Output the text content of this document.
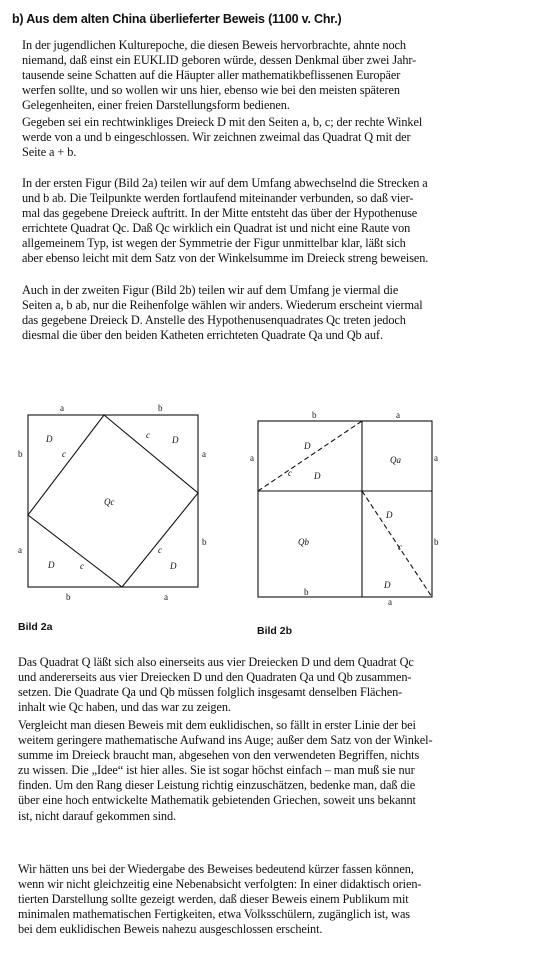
b) Aus dem alten China überlieferter Beweis (1100 v. Chr.)
In der jugendlichen Kulturepoche, die diesen Beweis hervorbrachte, ahnte noch
niemand, daß einst ein EUKLID geboren würde, dessen Denkmal über zwei Jahr-
tausende seine Schatten auf die Häupter aller mathematikbeflissenen Europäer
werfen sollte, und so wollen wir uns hier, ebenso wie bei den meisten späteren
Gelegenheiten, einer freien Darstellungsform bedienen.
Gegeben sei ein rechtwinkliges Dreieck D mit den Seiten a, b, c; der rechte Winkel
werde von a und b eingeschlossen. Wir zeichnen zweimal das Quadrat Q mit der
Seite a + b.
In der ersten Figur (Bild 2a) teilen wir auf dem Umfang abwechselnd die Strecken a
und b ab. Die Teilpunkte werden fortlaufend miteinander verbunden, so daß vier-
mal das gegebene Dreieck auftritt. In der Mitte entsteht das über der Hypothenuse
errichtete Quadrat Qc. Daß Qc wirklich ein Quadrat ist und nicht eine Raute von
allgemeinem Typ, ist wegen der Symmetrie der Figur unmittelbar klar, läßt sich
aber ebenso leicht mit dem Satz von der Winkelsumme im Dreieck streng beweisen.
Auch in der zweiten Figur (Bild 2b) teilen wir auf dem Umfang je viermal die
Seiten a, b ab, nur die Reihenfolge wählen wir anders. Wiederum erscheint viermal
das gegebene Dreieck D. Anstelle des Hypothenusenquadrates Qc treten jedoch
diesmal die über den beiden Katheten errichteten Quadrate Qa und Qb auf.
a	b
b	a
a
b
b	a
D	D
D	D
c
c
c
c
Qc
Bild 2a
b	a
a	a
b
b
a
D
D
D
D
c
c
Qa
Qb
Bild 2b
Das Quadrat Q läßt sich also einerseits aus vier Dreiecken D und dem Quadrat Qc
und andererseits aus vier Dreiecken D und den Quadraten Qa und Qb zusammen-
setzen. Die Quadrate Qa und Qb müssen folglich insgesamt denselben Flächen-
inhalt wie Qc haben, und das war zu zeigen.
Vergleicht man diesen Beweis mit dem euklidischen, so fällt in erster Linie der bei
weitem geringere mathematische Aufwand ins Auge; außer dem Satz von der Winkel-
summe im Dreieck braucht man, abgesehen von den verwendeten Begriffen, nichts
zu wissen. Die „Idee“ ist hier alles. Sie ist sogar höchst einfach – man muß sie nur
finden. Um den Rang dieser Leistung richtig einzuschätzen, bedenke man, daß die
über eine hoch entwickelte Mathematik gebietenden Griechen, soweit uns bekannt
ist, nicht darauf gekommen sind.
Wir hätten uns bei der Wiedergabe des Beweises bedeutend kürzer fassen können,
wenn wir nicht gleichzeitig eine Nebenabsicht verfolgten: In einer didaktisch orien-
tierten Darstellung sollte gezeigt werden, daß dieser Beweis einem Publikum mit
minimalen mathematischen Fertigkeiten, etwa Volksschülern, zugänglich ist, was
bei dem euklidischen Beweis nahezu ausgeschlossen erscheint.
